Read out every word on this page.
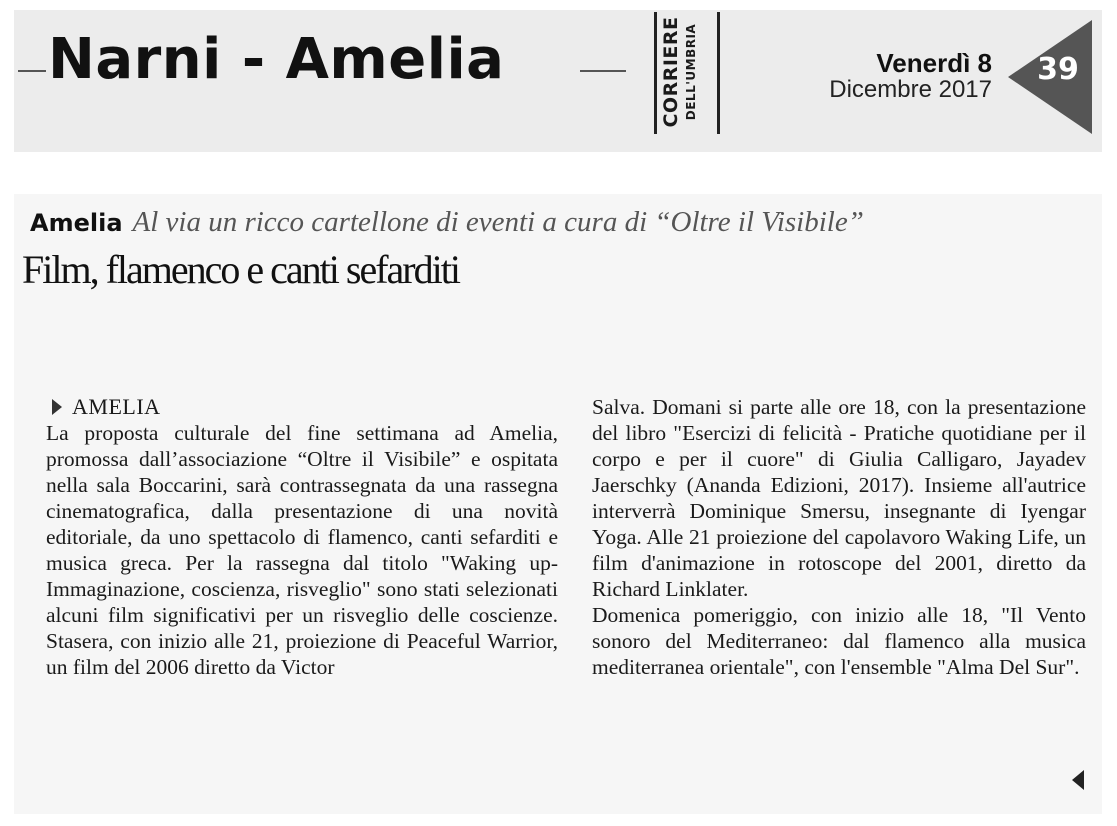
Narni - Amelia	CORRIERE DELL'UMBRIA	Venerdì 8
Dicembre 2017
39
Amelia Al via un ricco cartellone di eventi a cura di “Oltre il Visibile”
Film, flamenco e canti sefarditi
AMELIA

La proposta culturale del fine settimana ad Amelia, promossa dall’associazione “Oltre il Visibile” e ospitata nella sala Boccarini, sarà contrassegnata da una rassegna cinematografica, dalla presentazione di una novità editoriale, da uno spettacolo di flamenco, canti sefarditi e musica greca. Per la rassegna dal titolo "Waking up-Immaginazione, coscienza, risveglio" sono stati selezionati alcuni film significativi per un risveglio delle coscienze. Stasera, con inizio alle 21, proiezione di Peaceful Warrior, un film del 2006 diretto da Victor

Salva. Domani si parte alle ore 18, con la presentazione del libro "Esercizi di felicità - Pratiche quotidiane per il corpo e per il cuore" di Giulia Calligaro, Jayadev Jaerschky (Ananda Edizioni, 2017). Insieme all'autrice interverrà Dominique Smersu, insegnante di Iyengar Yoga. Alle 21 proiezione del capolavoro Waking Life, un film d'animazione in rotoscope del 2001, diretto da Richard Linklater.

Domenica pomeriggio, con inizio alle 18, "Il Vento sonoro del Mediterraneo: dal flamenco alla musica mediterranea orientale", con l'ensemble "Alma Del Sur".
